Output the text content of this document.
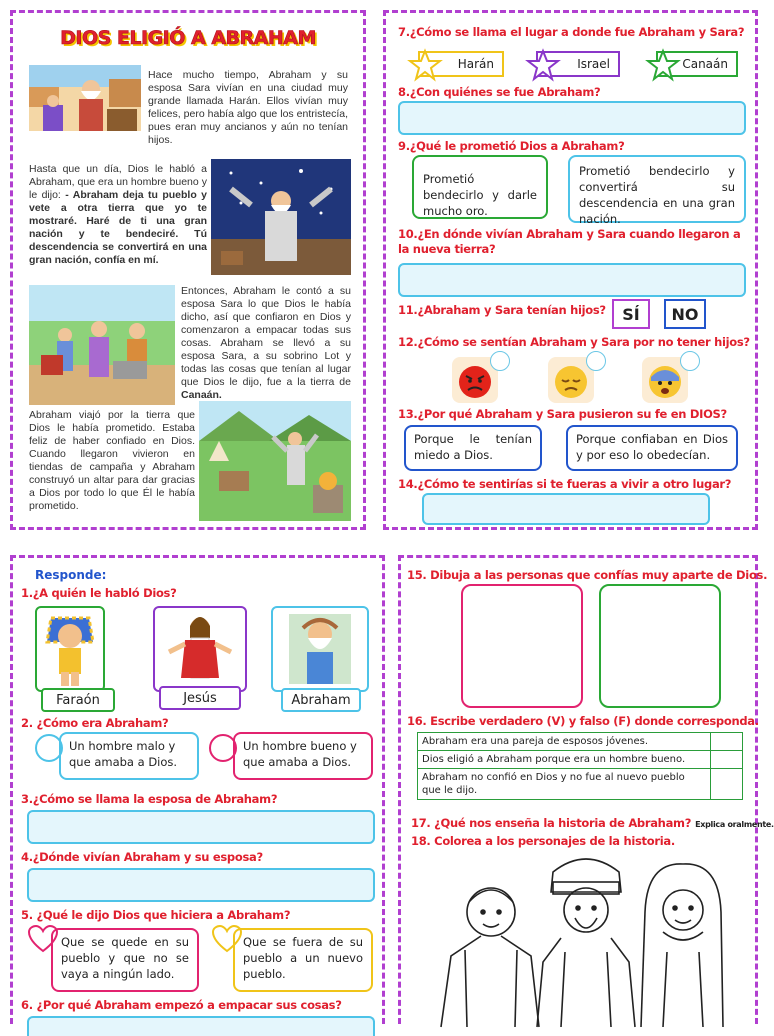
DIOS ELIGIÓ A ABRAHAM
Hace mucho tiempo, Abraham y su esposa Sara vivían en una ciudad muy grande llamada Harán. Ellos vivían muy felices, pero había algo que los entristecía, pues eran muy ancianos y aún no tenían hijos.
Hasta que un día, Dios le habló a Abraham, que era un hombre bueno y le dijo: - Abraham deja tu pueblo y vete a otra tierra que yo te mostraré. Haré de ti una gran nación y te bendeciré. Tú descendencia se convertirá en una gran nación, confía en mí.
Entonces, Abraham le contó a su esposa Sara lo que Dios le había dicho, así que confiaron en Dios y comenzaron a empacar todas sus cosas. Abraham se llevó a su esposa Sara, a su sobrino Lot y todas las cosas que tenían al lugar que Dios le dijo, fue a la tierra de Canaán.
Abraham viajó por la tierra que Dios le había prometido. Estaba feliz de haber confiado en Dios. Cuando llegaron vivieron en tiendas de campaña y Abraham construyó un altar para dar gracias a Dios por todo lo que Él le había prometido.
7.¿Cómo se llama el lugar a donde fue Abraham y Sara?
Harán	Israel	Canaán
8.¿Con quiénes se fue Abraham?
9.¿Qué le prometió Dios a Abraham?
Prometió bendecirlo y darle mucho oro.
Prometió bendecirlo y convertirá su descendencia en una gran nación.
10.¿En dónde vivían Abraham y Sara cuando llegaron a la nueva tierra?
11.¿Abraham y Sara tenían hijos?	SÍ	NO
12.¿Cómo se sentían Abraham y Sara por no tener hijos?
13.¿Por qué Abraham y Sara pusieron su fe en DIOS?
Porque le tenían miedo a Dios.
Porque confiaban en Dios y por eso lo obedecían.
14.¿Cómo te sentirías si te fueras a vivir a otro lugar?
Responde:
1.¿A quién le habló Dios?
Faraón	Jesús	Abraham
2. ¿Cómo era Abraham?
Un hombre malo y que amaba a Dios.
Un hombre bueno y que amaba a Dios.
3.¿Cómo se llama la esposa de Abraham?
4.¿Dónde vivían Abraham y su esposa?
5. ¿Qué le dijo Dios que hiciera a Abraham?
Que se quede en su pueblo y que no se vaya a ningún lado.
Que se fuera de su pueblo a un nuevo pueblo.
6. ¿Por qué Abraham empezó a empacar sus cosas?
15. Dibuja a las personas que confías muy aparte de Dios.
16. Escribe verdadero (V) y falso (F) donde corresponda.
Abraham era una pareja de esposos jóvenes.	
Dios eligió a Abraham porque era un hombre bueno.	
Abraham no confió en Dios y no fue al nuevo pueblo que le dijo.	
17. ¿Qué nos enseña la historia de Abraham? Explica oralmente.
18. Colorea a los personajes de la historia.
